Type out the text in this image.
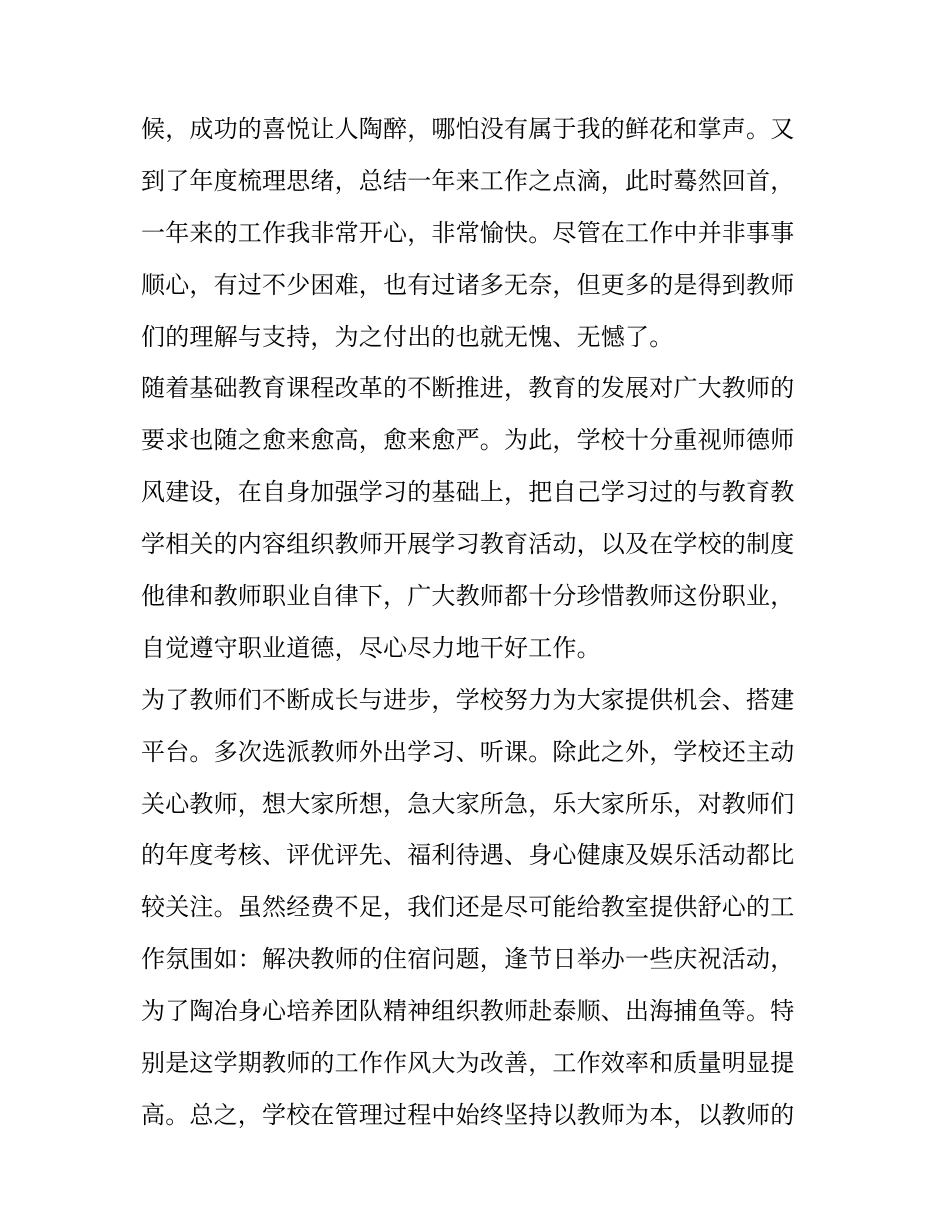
候，成功的喜悦让人陶醉，哪怕没有属于我的鲜花和掌声。又
到了年度梳理思绪，总结一年来工作之点滴，此时蓦然回首，
一年来的工作我非常开心，非常愉快。尽管在工作中并非事事
顺心，有过不少困难，也有过诸多无奈，但更多的是得到教师
们的理解与支持，为之付出的也就无愧、无憾了。
随着基础教育课程改革的不断推进，教育的发展对广大教师的
要求也随之愈来愈高，愈来愈严。为此，学校十分重视师德师
风建设，在自身加强学习的基础上，把自己学习过的与教育教
学相关的内容组织教师开展学习教育活动，以及在学校的制度
他律和教师职业自律下，广大教师都十分珍惜教师这份职业，
自觉遵守职业道德，尽心尽力地干好工作。
为了教师们不断成长与进步，学校努力为大家提供机会、搭建
平台。多次选派教师外出学习、听课。除此之外，学校还主动
关心教师，想大家所想，急大家所急，乐大家所乐，对教师们
的年度考核、评优评先、福利待遇、身心健康及娱乐活动都比
较关注。虽然经费不足，我们还是尽可能给教室提供舒心的工
作氛围如：解决教师的住宿问题，逢节日举办一些庆祝活动，
为了陶冶身心培养团队精神组织教师赴泰顺、出海捕鱼等。特
别是这学期教师的工作作风大为改善，工作效率和质量明显提
高。总之，学校在管理过程中始终坚持以教师为本，以教师的
